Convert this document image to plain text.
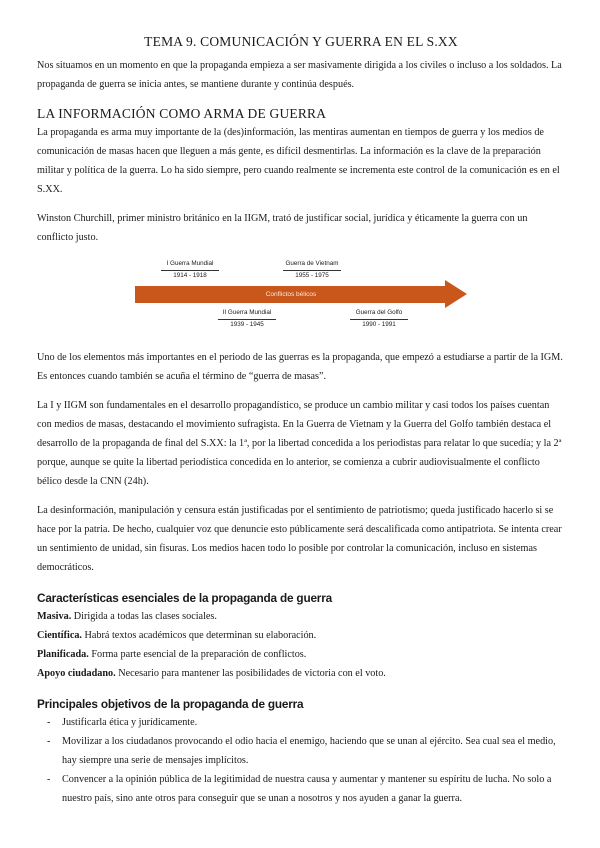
TEMA 9. COMUNICACIÓN Y GUERRA EN EL S.XX

Nos situamos en un momento en que la propaganda empieza a ser masivamente dirigida a los civiles o incluso a los soldados. La propaganda de guerra se inicia antes, se mantiene durante y continúa después.

LA INFORMACIÓN COMO ARMA DE GUERRA

La propaganda es arma muy importante de la (des)información, las mentiras aumentan en tiempos de guerra y los medios de comunicación de masas hacen que lleguen a más gente, es difícil desmentirlas. La información es la clave de la preparación militar y política de la guerra. Lo ha sido siempre, pero cuando realmente se incrementa este control de la comunicación es en el S.XX.

Winston Churchill, primer ministro británico en la IIGM, trató de justificar social, jurídica y éticamente la guerra con un conflicto justo.

Conflictos bélicos
I Guerra Mundial
1914 - 1918
Guerra de Vietnam
1955 - 1975
II Guerra Mundial
1939 - 1945
Guerra del Golfo
1990 - 1991

Uno de los elementos más importantes en el periodo de las guerras es la propaganda, que empezó a estudiarse a partir de la IGM. Es entonces cuando también se acuña el término de “guerra de masas”.

La I y IIGM son fundamentales en el desarrollo propagandístico, se produce un cambio militar y casi todos los países cuentan con medios de masas, destacando el movimiento sufragista. En la Guerra de Vietnam y la Guerra del Golfo también destaca el desarrollo de la propaganda de final del S.XX: la 1ª, por la libertad concedida a los periodistas para relatar lo que sucedía; y la 2ª porque, aunque se quite la libertad periodística concedida en lo anterior, se comienza a cubrir audiovisualmente el conflicto bélico desde la CNN (24h).

La desinformación, manipulación y censura están justificadas por el sentimiento de patriotismo; queda justificado hacerlo si se hace por la patria. De hecho, cualquier voz que denuncie esto públicamente será descalificada como antipatriota. Se intenta crear un sentimiento de unidad, sin fisuras. Los medios hacen todo lo posible por controlar la comunicación, incluso en sistemas democráticos.

Características esenciales de la propaganda de guerra

Masiva. Dirigida a todas las clases sociales.

Científica. Habrá textos académicos que determinan su elaboración.

Planificada. Forma parte esencial de la preparación de conflictos.

Apoyo ciudadano. Necesario para mantener las posibilidades de victoria con el voto.

Principales objetivos de la propaganda de guerra
- Justificarla ética y jurídicamente.
- Movilizar a los ciudadanos provocando el odio hacia el enemigo, haciendo que se unan al ejército. Sea cual sea el medio, hay siempre una serie de mensajes implícitos.
- Convencer a la opinión pública de la legitimidad de nuestra causa y aumentar y mantener su espíritu de lucha. No solo a nuestro país, sino ante otros para conseguir que se unan a nosotros y nos ayuden a ganar la guerra.
